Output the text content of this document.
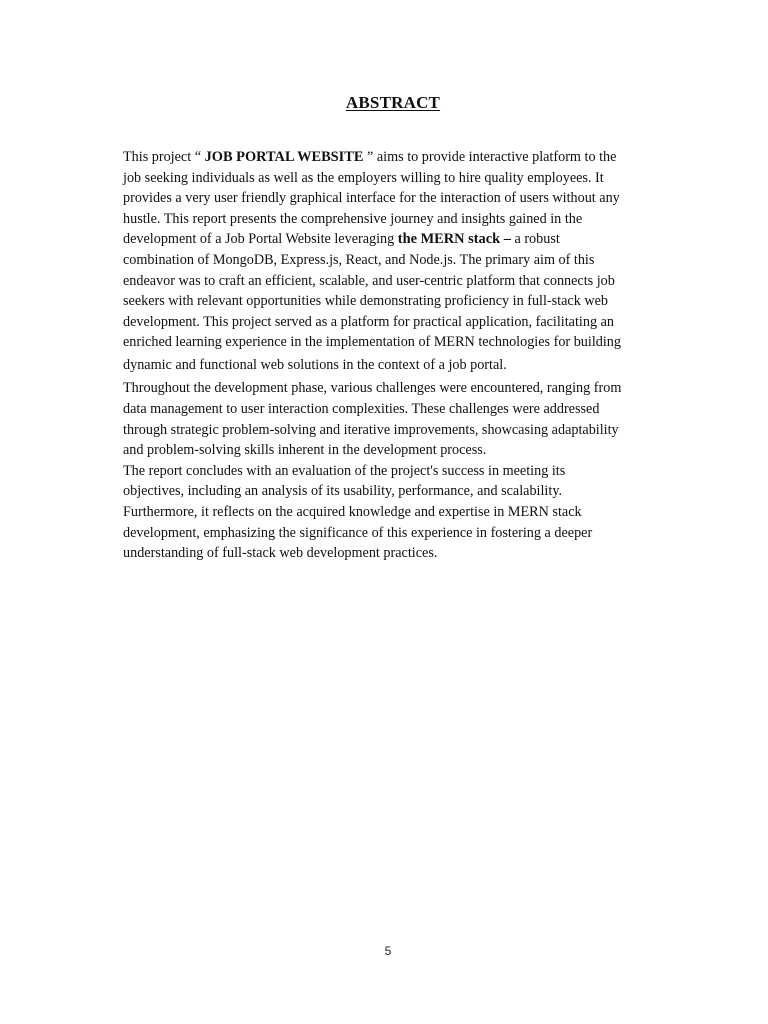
ABSTRACT
This project “ JOB PORTAL WEBSITE ” aims to provide interactive platform to the
job seeking individuals as well as the employers willing to hire quality employees. It
provides a very user friendly graphical interface for the interaction of users without any
hustle. This report presents the comprehensive journey and insights gained in the
development of a Job Portal Website leveraging the MERN stack – a robust
combination of MongoDB, Express.js, React, and Node.js. The primary aim of this
endeavor was to craft an efficient, scalable, and user-centric platform that connects job
seekers with relevant opportunities while demonstrating proficiency in full-stack web
development. This project served as a platform for practical application, facilitating an
enriched learning experience in the implementation of MERN technologies for building
dynamic and functional web solutions in the context of a job portal.
Throughout the development phase, various challenges were encountered, ranging from
data management to user interaction complexities. These challenges were addressed
through strategic problem-solving and iterative improvements, showcasing adaptability
and problem-solving skills inherent in the development process.
The report concludes with an evaluation of the project's success in meeting its
objectives, including an analysis of its usability, performance, and scalability.
Furthermore, it reflects on the acquired knowledge and expertise in MERN stack
development, emphasizing the significance of this experience in fostering a deeper
understanding of full-stack web development practices.
5
